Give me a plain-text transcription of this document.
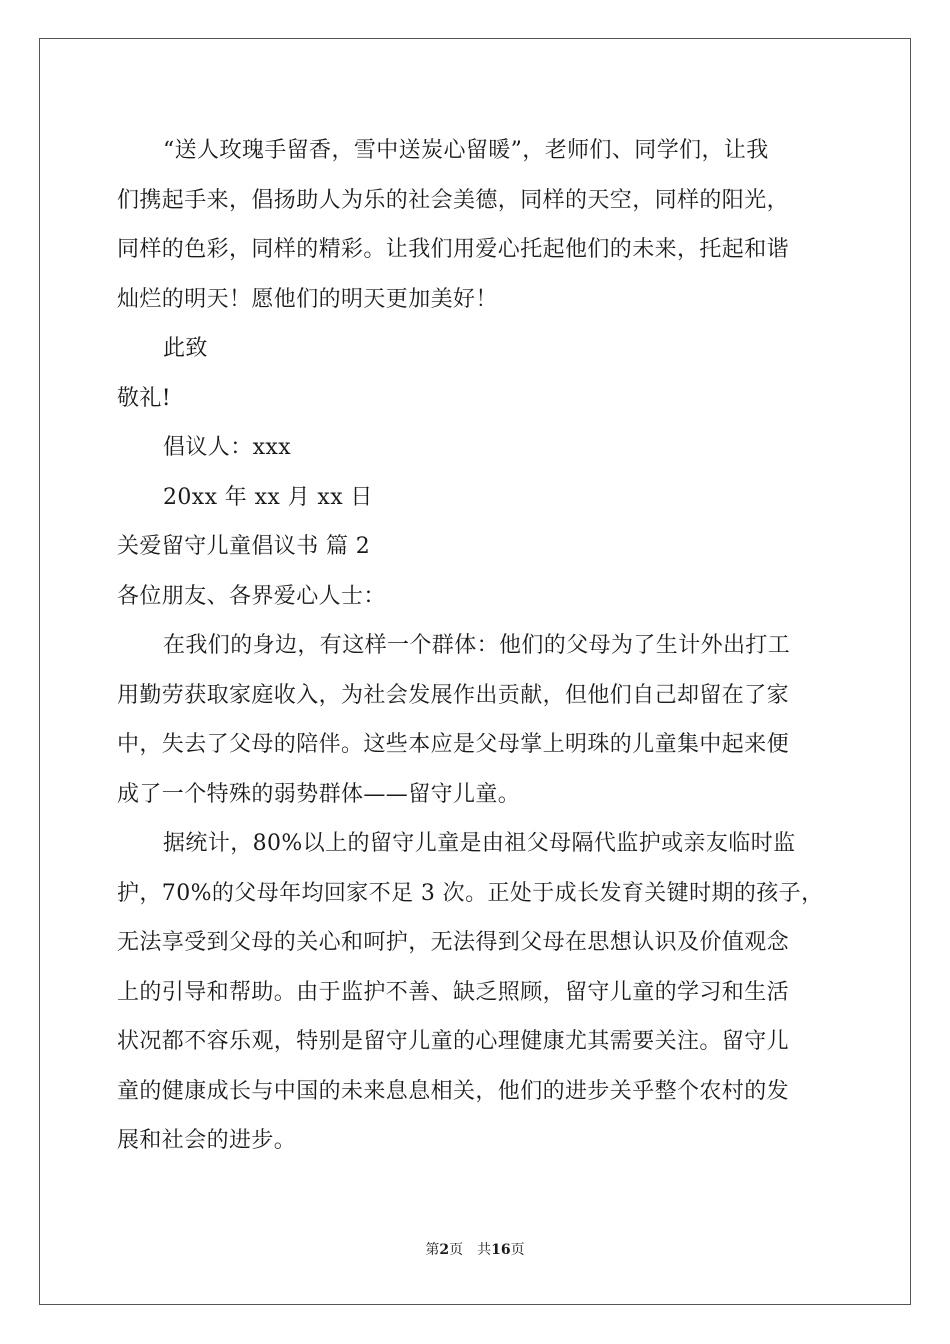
“送人玫瑰手留香，雪中送炭心留暖”，老师们、同学们，让我
们携起手来，倡扬助人为乐的社会美德，同样的天空，同样的阳光，
同样的色彩，同样的精彩。让我们用爱心托起他们的未来，托起和谐
灿烂的明天！愿他们的明天更加美好！
此致
敬礼!
倡议人：xxx
20xx 年 xx 月 xx 日
关爱留守儿童倡议书 篇 2
各位朋友、各界爱心人士：
在我们的身边，有这样一个群体：他们的父母为了生计外出打工
用勤劳获取家庭收入，为社会发展作出贡献，但他们自己却留在了家
中，失去了父母的陪伴。这些本应是父母掌上明珠的儿童集中起来便
成了一个特殊的弱势群体——留守儿童。
据统计，80%以上的留守儿童是由祖父母隔代监护或亲友临时监
护，70%的父母年均回家不足 3 次。正处于成长发育关键时期的孩子，
无法享受到父母的关心和呵护，无法得到父母在思想认识及价值观念
上的引导和帮助。由于监护不善、缺乏照顾，留守儿童的学习和生活
状况都不容乐观，特别是留守儿童的心理健康尤其需要关注。留守儿
童的健康成长与中国的未来息息相关，他们的进步关乎整个农村的发
展和社会的进步。
第2页 共16页
